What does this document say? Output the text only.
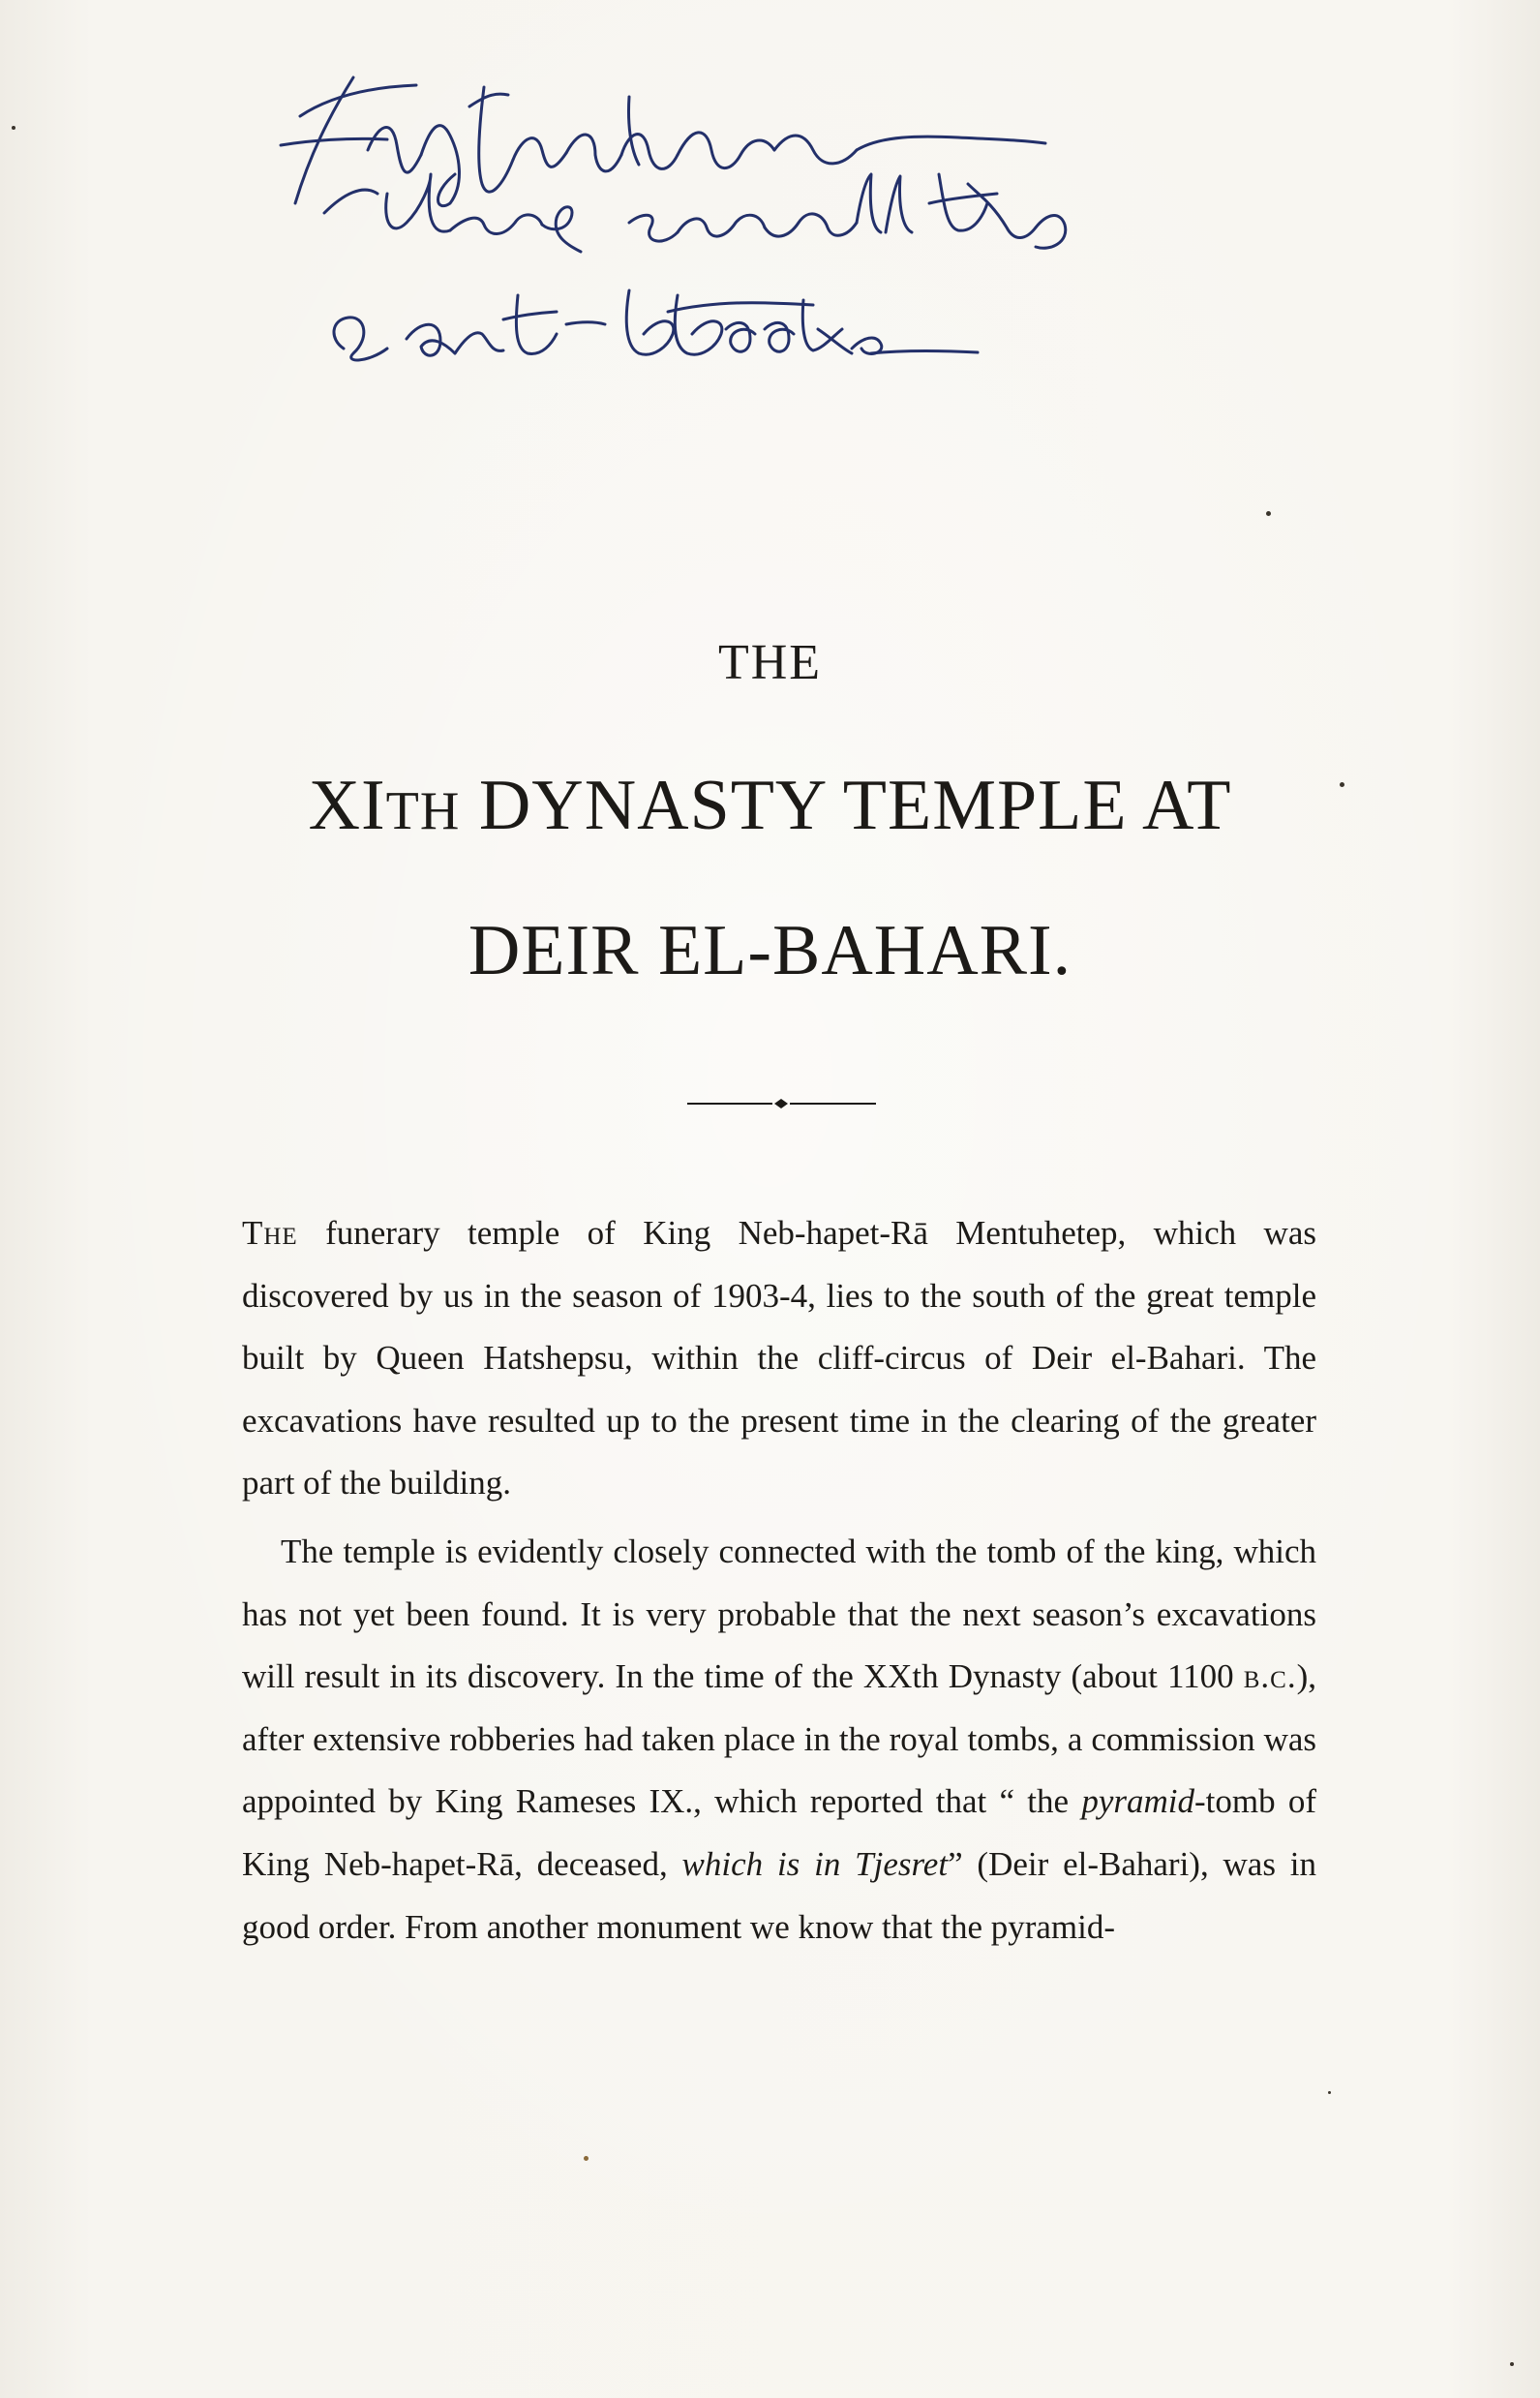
THE
XITH DYNASTY TEMPLE AT
DEIR EL-BAHARI.

The funerary temple of King Neb-hapet-Rā Mentuhetep, which was discovered by us in the season of 1903-4, lies to the south of the great temple built by Queen Hatshepsu, within the cliff-circus of Deir el-Bahari. The excavations have resulted up to the present time in the clearing of the greater part of the building.

The temple is evidently closely connected with the tomb of the king, which has not yet been found. It is very probable that the next season’s excavations will result in its discovery. In the time of the XXth Dynasty (about 1100 b.c.), after extensive robberies had taken place in the royal tombs, a commission was appointed by King Rameses IX., which reported that “ the pyramid-tomb of King Neb-hapet-Rā, deceased, which is in Tjesret” (Deir el-Bahari), was in good order. From another monument we know that the pyramid-
